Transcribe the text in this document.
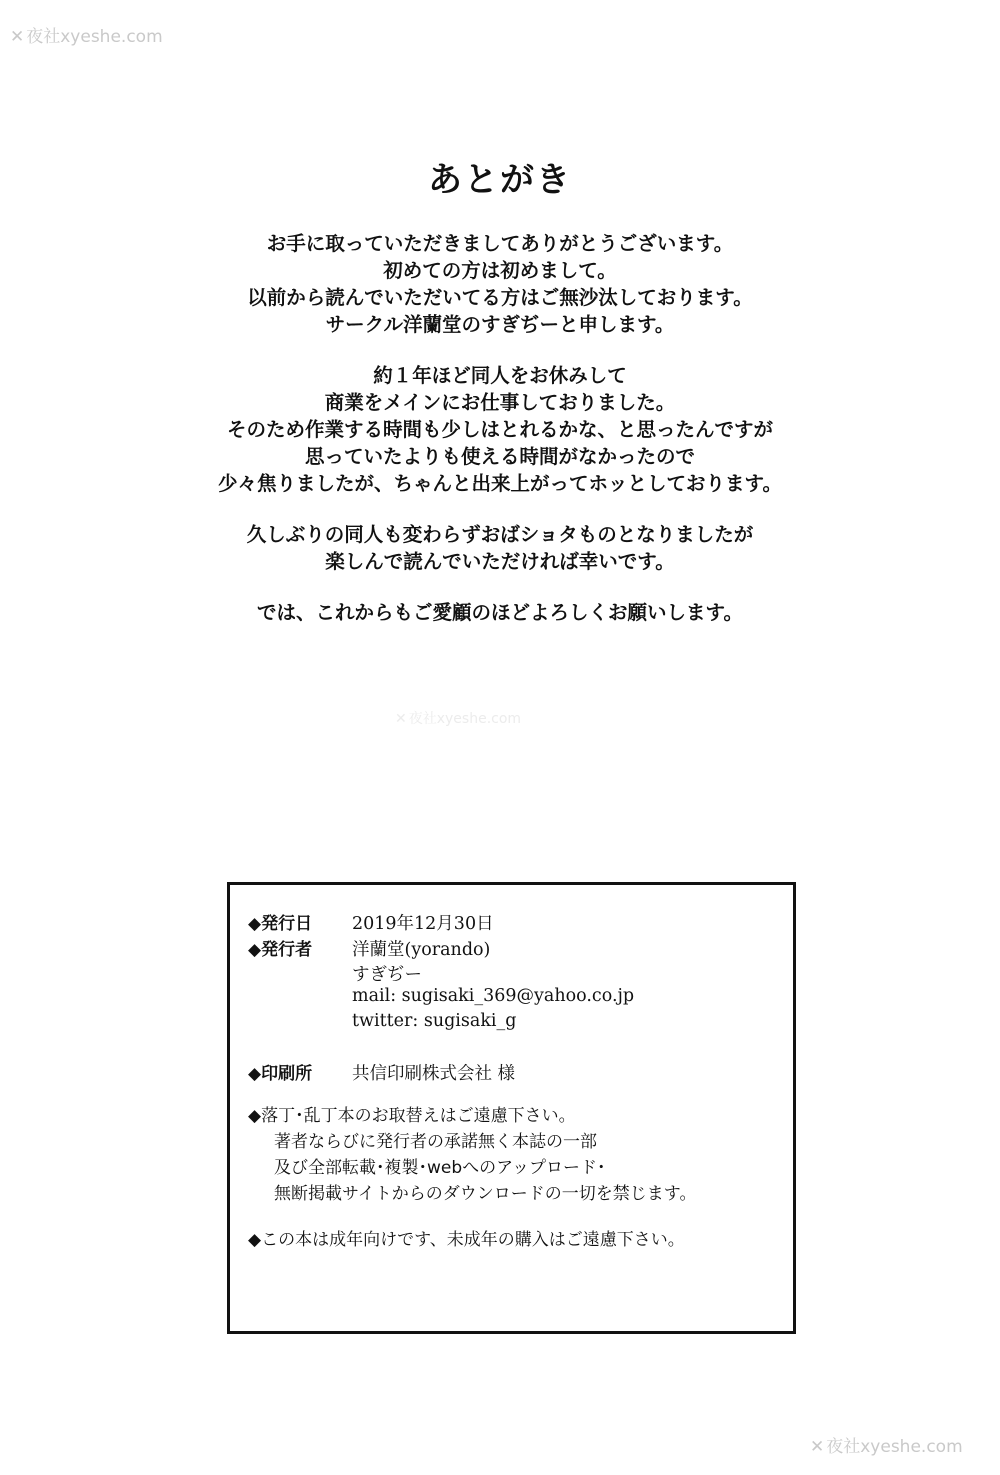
✕ 夜社xyeshe.com
✕ 夜社xyeshe.com
✕ 夜社xyeshe.com
あとがき
お手に取っていただきましてありがとうございます。
初めての方は初めまして。
以前から読んでいただいてる方はご無沙汰しております。
サークル洋蘭堂のすぎぢーと申します。
約１年ほど同人をお休みして
商業をメインにお仕事しておりました。
そのため作業する時間も少しはとれるかな、と思ったんですが
思っていたよりも使える時間がなかったので
少々焦りましたが、ちゃんと出来上がってホッとしております。
久しぶりの同人も変わらずおばショタものとなりましたが
楽しんで読んでいただければ幸いです。
では、これからもご愛顧のほどよろしくお願いします。
◆発行日 2019年12月30日
◆発行者 洋蘭堂(yorando)
すぎぢー
mail: sugisaki_369@yahoo.co.jp
twitter: sugisaki_g
◆印刷所 共信印刷株式会社 様
◆落丁･乱丁本のお取替えはご遠慮下さい。
著者ならびに発行者の承諾無く本誌の一部
及び全部転載･複製･webへのアップロード･
無断掲載サイトからのダウンロードの一切を禁じます。
◆この本は成年向けです、未成年の購入はご遠慮下さい。
